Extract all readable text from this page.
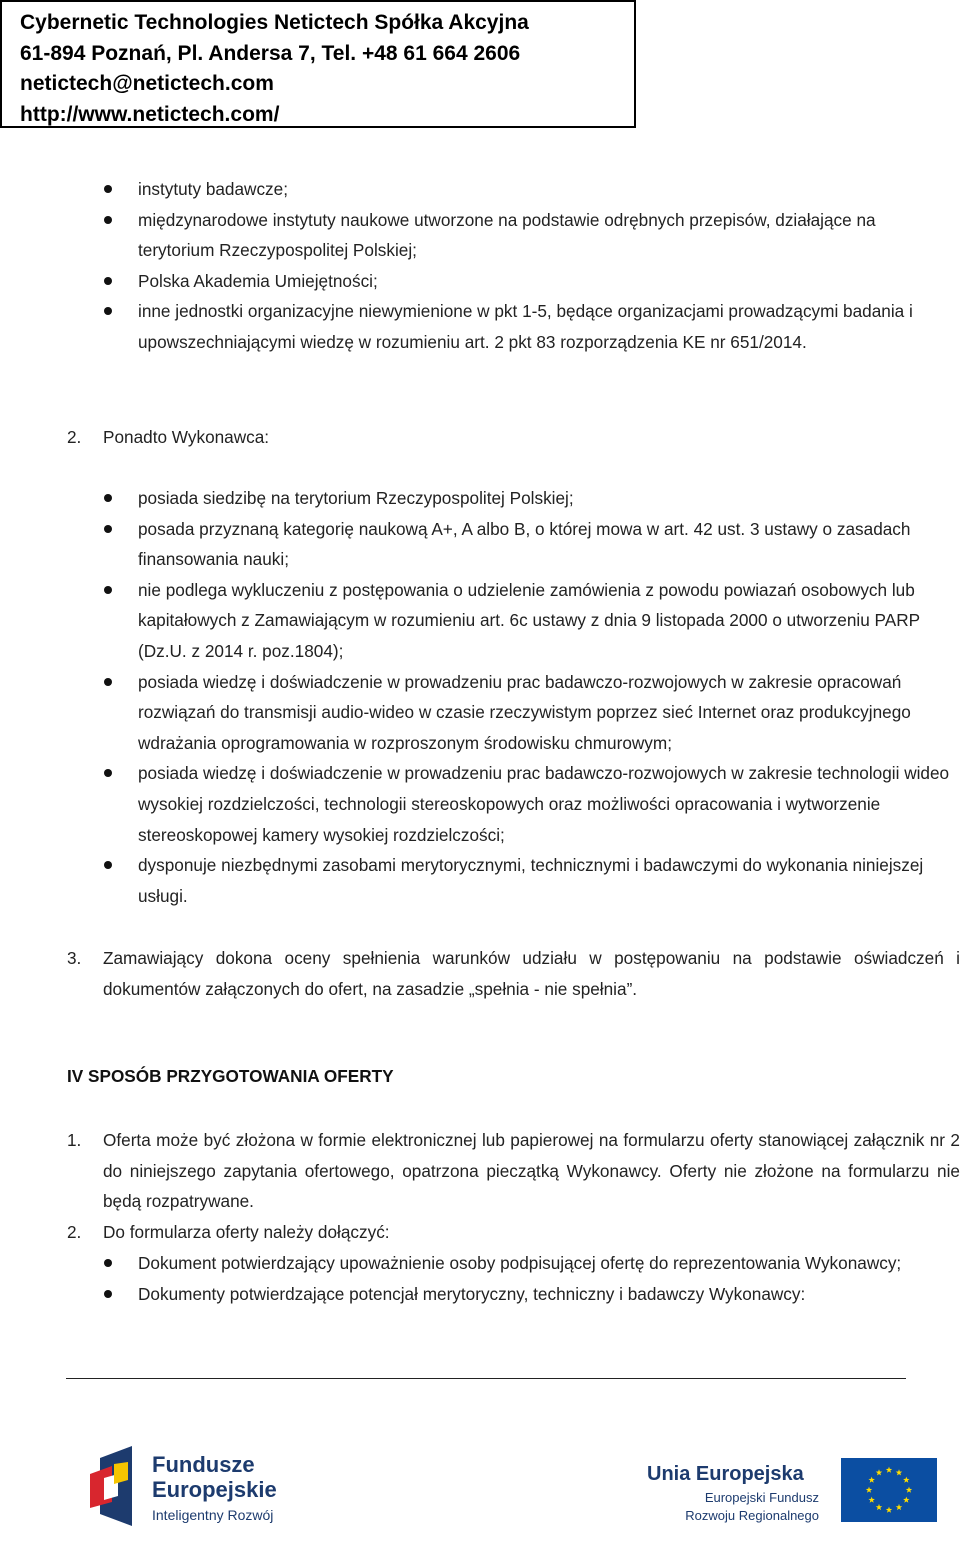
Cybernetic Technologies Netictech Spółka Akcyjna
61-894 Poznań, Pl. Andersa 7, Tel. +48 61 664 2606
netictech@netictech.com
http://www.netictech.com/
instytuty badawcze;
międzynarodowe instytuty naukowe utworzone na podstawie odrębnych przepisów, działające na terytorium Rzeczypospolitej Polskiej;
Polska Akademia Umiejętności;
inne jednostki organizacyjne niewymienione w pkt 1-5, będące organizacjami prowadzącymi badania i upowszechniającymi wiedzę w rozumieniu art. 2 pkt 83 rozporządzenia KE nr 651/2014.
2. Ponadto Wykonawca:
posiada siedzibę na terytorium Rzeczypospolitej Polskiej;
posada przyznaną kategorię naukową A+, A albo B, o której mowa w art. 42 ust. 3 ustawy o zasadach finansowania nauki;
nie podlega wykluczeniu z postępowania o udzielenie zamówienia z powodu powiazań osobowych lub kapitałowych z Zamawiającym w rozumieniu art. 6c ustawy z dnia 9 listopada 2000 o utworzeniu PARP (Dz.U. z 2014 r. poz.1804);
posiada wiedzę i doświadczenie w prowadzeniu prac badawczo-rozwojowych w zakresie opracowań rozwiązań do transmisji audio-wideo w czasie rzeczywistym poprzez sieć Internet oraz produkcyjnego wdrażania oprogramowania w rozproszonym środowisku chmurowym;
posiada wiedzę i doświadczenie w prowadzeniu prac badawczo-rozwojowych w zakresie technologii wideo wysokiej rozdzielczości, technologii stereoskopowych oraz możliwości opracowania i wytworzenie stereoskopowej kamery wysokiej rozdzielczości;
dysponuje niezbędnymi zasobami merytorycznymi, technicznymi i badawczymi do wykonania niniejszej usługi.
3. Zamawiający dokona oceny spełnienia warunków udziału w postępowaniu na podstawie oświadczeń i dokumentów załączonych do ofert, na zasadzie „spełnia - nie spełnia”.
IV SPOSÓB PRZYGOTOWANIA OFERTY
1. Oferta może być złożona w formie elektronicznej lub papierowej na formularzu oferty stanowiącej załącznik nr 2 do niniejszego zapytania ofertowego, opatrzona pieczątką Wykonawcy. Oferty nie złożone na formularzu nie będą rozpatrywane.
2. Do formularza oferty należy dołączyć:
Dokument potwierdzający upoważnienie osoby podpisującej ofertę do reprezentowania Wykonawcy;
Dokumenty potwierdzające potencjał merytoryczny, techniczny i badawczy Wykonawcy:
Fundusze
Europejskie
Inteligentny Rozwój
Unia Europejska
Europejski Fundusz
Rozwoju Regionalnego
